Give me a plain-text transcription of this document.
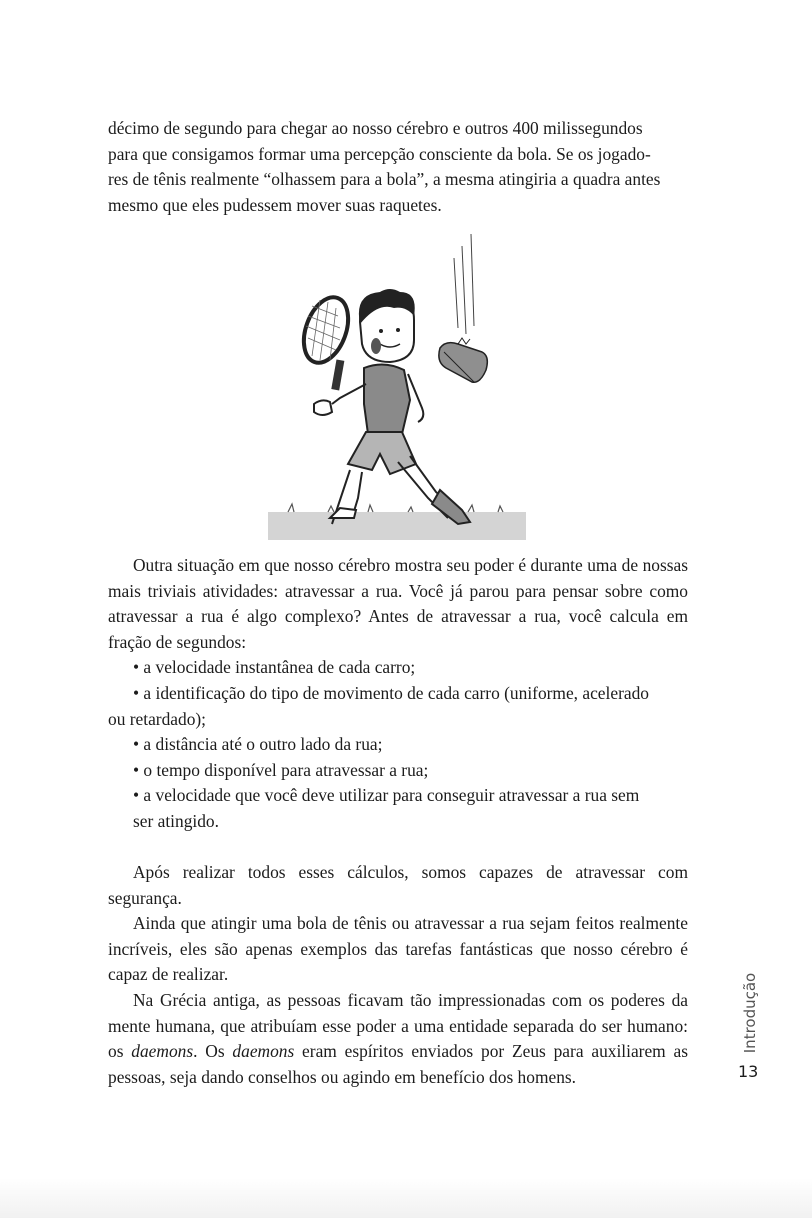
décimo de segundo para chegar ao nosso cérebro e outros 400 milissegundos

para que consigamos formar uma percepção consciente da bola. Se os jogado-

res de tênis realmente “olhassem para a bola”, a mesma atingiria a quadra antes

mesmo que eles pudessem mover suas raquetes.

Outra situação em que nosso cérebro mostra seu poder é durante uma de nossas mais triviais atividades: atravessar a rua. Você já parou para pensar sobre como atravessar a rua é algo complexo? Antes de atravessar a rua, você calcula em fração de segundos:

• a velocidade instantânea de cada carro;
• a identificação do tipo de movimento de cada carro (uniforme, acelerado
ou retardado);
• a distância até o outro lado da rua;
• o tempo disponível para atravessar a rua;
• a velocidade que você deve utilizar para conseguir atravessar a rua sem
ser atingido.

Após realizar todos esses cálculos, somos capazes de atravessar com segurança.

Ainda que atingir uma bola de tênis ou atravessar a rua sejam feitos realmente incríveis, eles são apenas exemplos das tarefas fantásticas que nosso cérebro é capaz de realizar.

Na Grécia antiga, as pessoas ficavam tão impressionadas com os poderes da mente humana, que atribuíam esse poder a uma entidade separada do ser humano: os daemons. Os daemons eram espíritos enviados por Zeus para auxiliarem as pessoas, seja dando conselhos ou agindo em benefício dos homens.

Introdução
13
